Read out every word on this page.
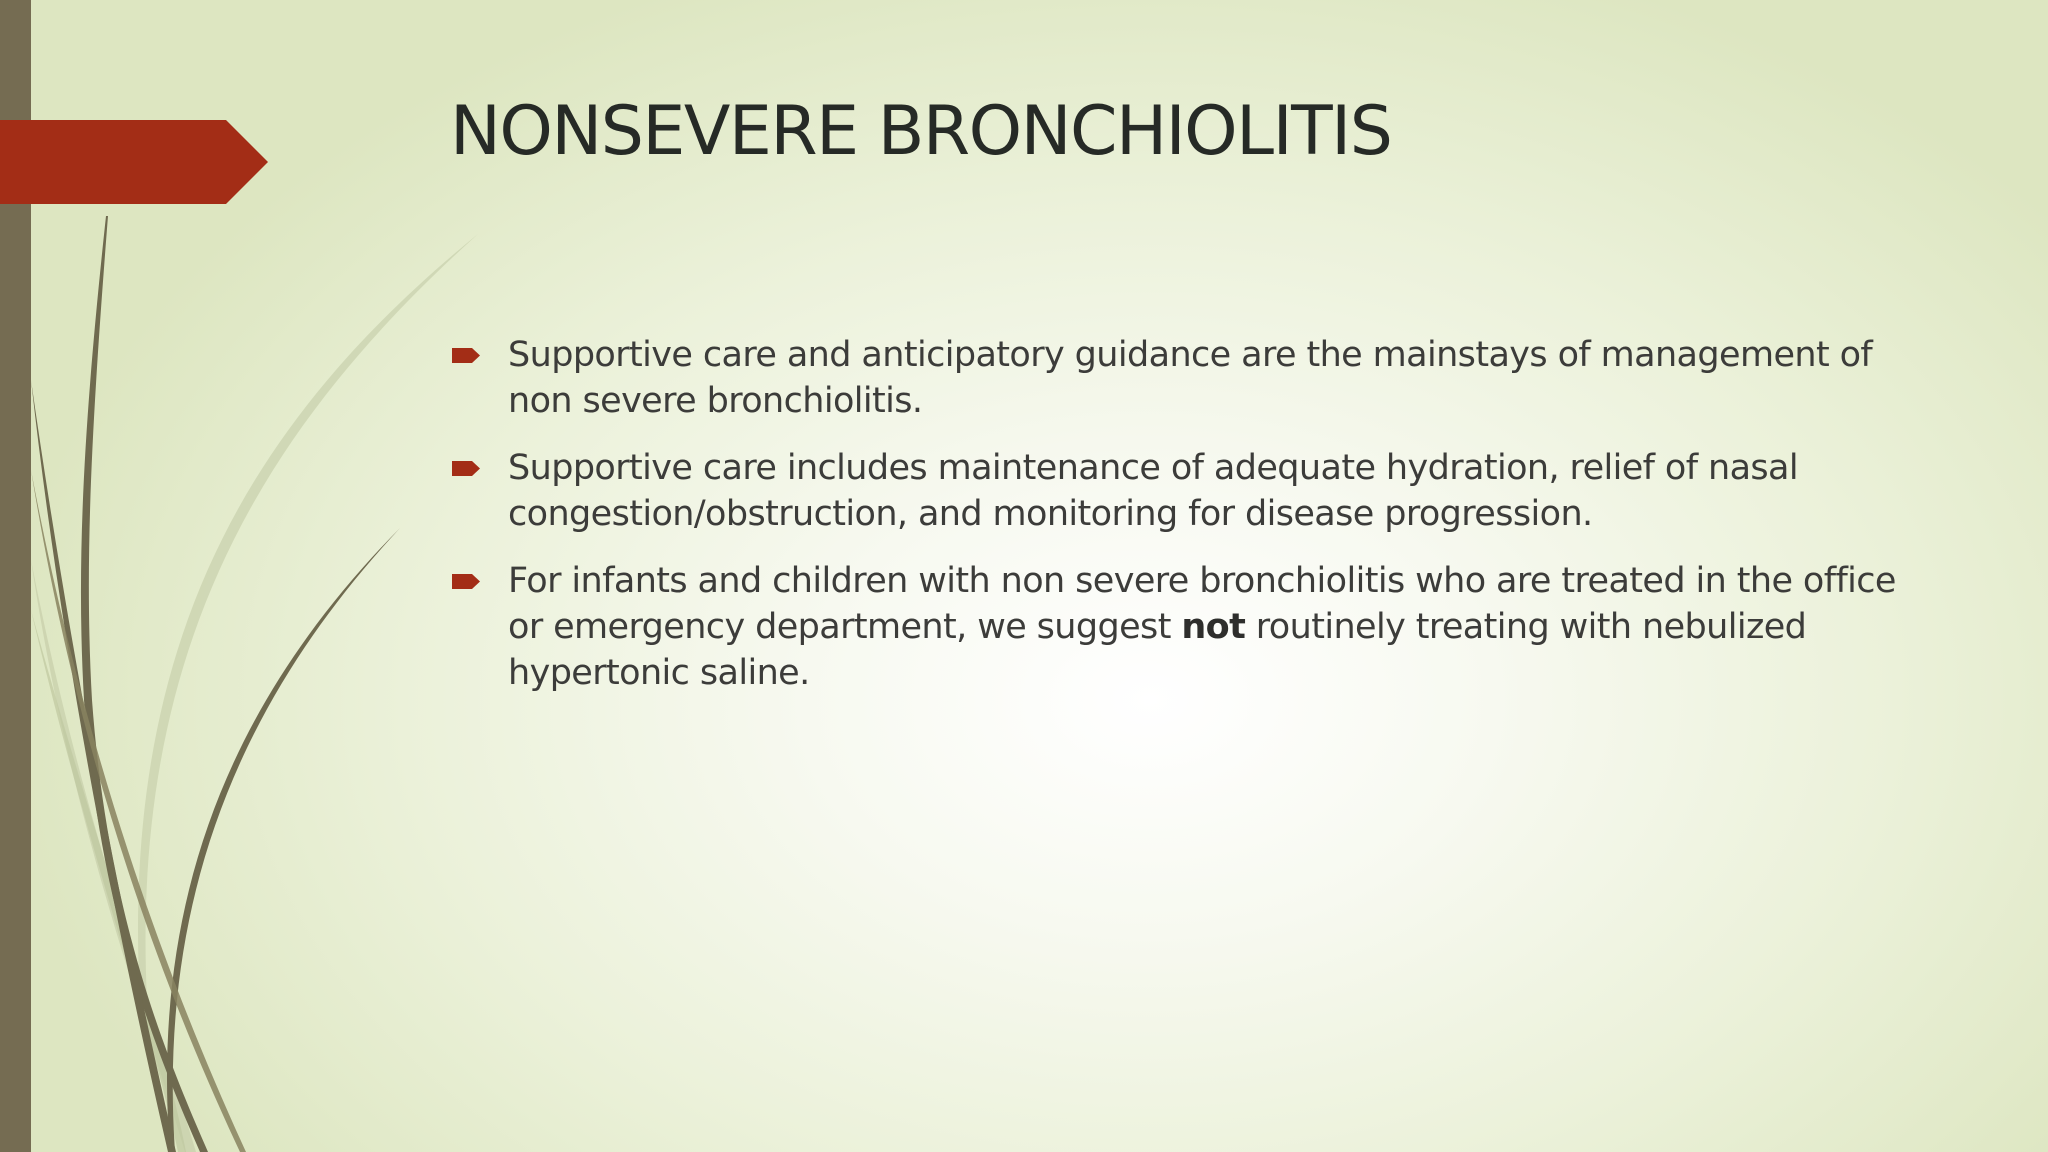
NONSEVERE BRONCHIOLITIS
Supportive care and anticipatory guidance are the mainstays of management of non severe bronchiolitis.
Supportive care includes maintenance of adequate hydration, relief of nasal congestion/obstruction, and monitoring for disease progression.
For infants and children with non severe bronchiolitis who are treated in the office or emergency department, we suggest not routinely treating with nebulized hypertonic saline.
